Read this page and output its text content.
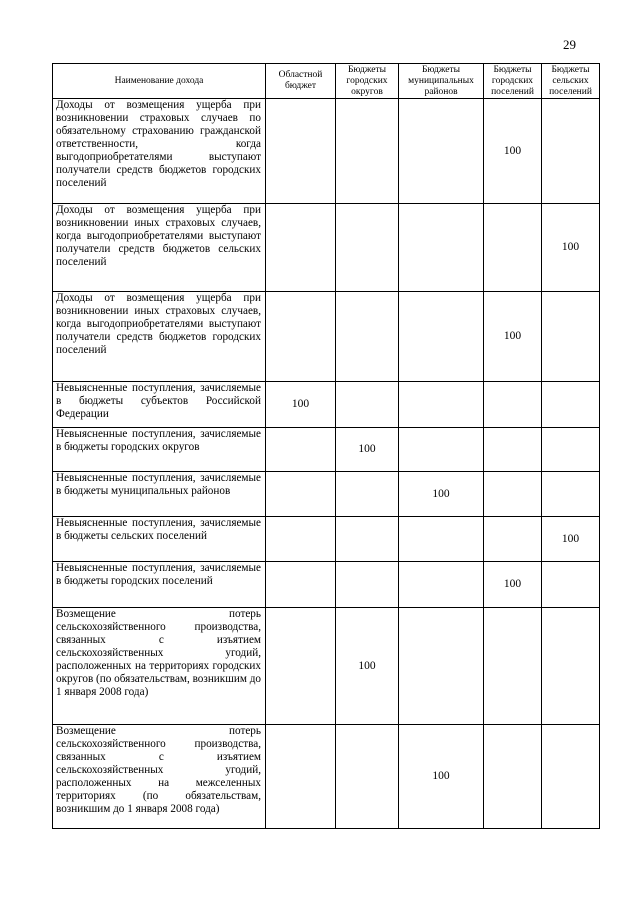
29
Наименование дохода	Областной бюджет	Бюджеты городских округов	Бюджеты муниципальных районов	Бюджеты городских поселений	Бюджеты сельских поселений
Доходы от возмещения ущерба при возникновении страховых случаев по обязательному страхованию гражданской ответственности, когда выгодоприобретателями выступают получатели средств бюджетов городских поселений				100	
Доходы от возмещения ущерба при возникновении иных страховых случаев, когда выгодоприобретателями выступают получатели средств бюджетов сельских поселений					100
Доходы от возмещения ущерба при возникновении иных страховых случаев, когда выгодоприобретателями выступают получатели средств бюджетов городских поселений				100	
Невыясненные поступления, зачисляемые в бюджеты субъектов Российской Федерации	100				
Невыясненные поступления, зачисляемые в бюджеты городских округов		100			
Невыясненные поступления, зачисляемые в бюджеты муниципальных районов			100		
Невыясненные поступления, зачисляемые в бюджеты сельских поселений					100
Невыясненные поступления, зачисляемые в бюджеты городских поселений				100	
Возмещение потерь сельскохозяйственного производства, связанных с изъятием сельскохозяйственных угодий, расположенных на территориях городских округов (по обязательствам, возникшим до 1 января 2008 года)		100			
Возмещение потерь сельскохозяйственного производства, связанных с изъятием сельскохозяйственных угодий, расположенных на межселенных территориях (по обязательствам, возникшим до 1 января 2008 года)			100		
